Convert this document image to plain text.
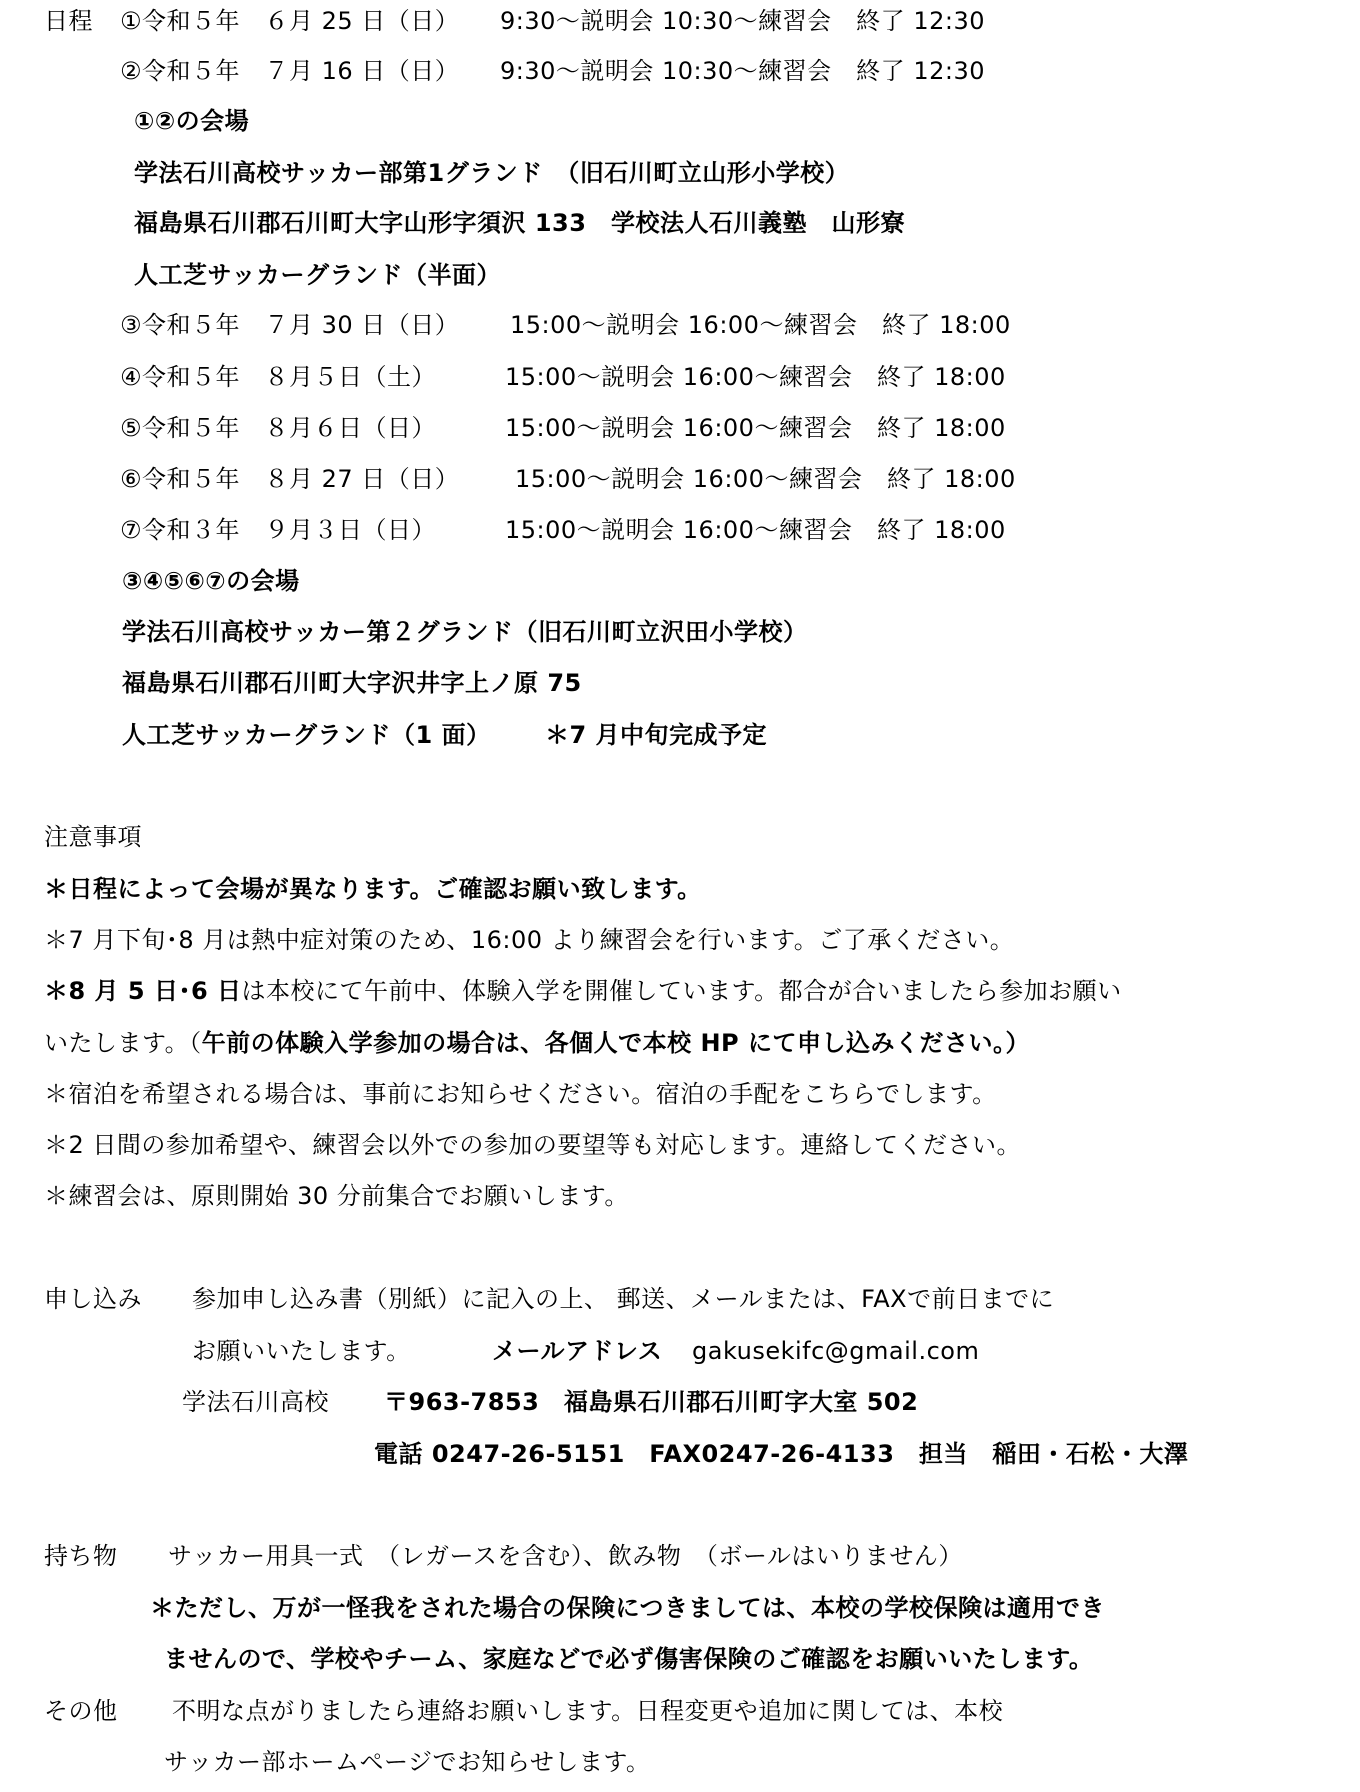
日程 ①令和５年　６月 25 日（日） 9:30～説明会 10:30～練習会　終了 12:30
②令和５年　７月 16 日（日） 9:30～説明会 10:30～練習会　終了 12:30
①②の会場
学法石川高校サッカー部第1グランド　（旧石川町立山形小学校）
福島県石川郡石川町大字山形字須沢 133　学校法人石川義塾　山形寮
人工芝サッカーグランド（半面）
③令和５年　７月 30 日（日） 15:00～説明会 16:00～練習会　終了 18:00
④令和５年　８月５日（土）	15:00～説明会 16:00～練習会　終了 18:00
⑤令和５年　８月６日（日）	15:00～説明会 16:00～練習会　終了 18:00
⑥令和５年　８月 27 日（日） 15:00～説明会 16:00～練習会　終了 18:00
⑦令和３年　９月３日（日）	15:00～説明会 16:00～練習会　終了 18:00
③④⑤⑥⑦の会場
学法石川高校サッカー第２グランド（旧石川町立沢田小学校）
福島県石川郡石川町大字沢井字上ノ原 75
人工芝サッカーグランド（1 面） ＊7 月中旬完成予定
注意事項
＊日程によって会場が異なります。ご確認お願い致します。
＊7 月下旬･8 月は熱中症対策のため、16:00 より練習会を行います。ご了承ください。
＊8 月 5 日･6 日は本校にて午前中、体験入学を開催しています。都合が合いましたら参加お願い
いたします。（午前の体験入学参加の場合は、各個人で本校 HP にて申し込みください。）
＊宿泊を希望される場合は、事前にお知らせください。宿泊の手配をこちらでします。
＊2 日間の参加希望や、練習会以外での参加の要望等も対応します。連絡してください。
＊練習会は、原則開始 30 分前集合でお願いします。
申し込み 参加申し込み書（別紙）に記入の上、 郵送、メールまたは、FAXで前日までに
お願いいたします。	メールアドレス gakusekifc@gmail.com
学法石川高校 〒963-7853　福島県石川郡石川町字大室 502
電話 0247-26-5151　FAX0247-26-4133　担当　稲田・石松・大澤
持ち物 サッカー用具一式　（レガースを含む）、飲み物　（ボールはいりません）
＊ただし、万が一怪我をされた場合の保険につきましては、本校の学校保険は適用でき
ませんので、学校やチーム、家庭などで必ず傷害保険のご確認をお願いいたします。
その他 不明な点がりましたら連絡お願いします。日程変更や追加に関しては、本校
サッカー部ホームページでお知らせします。
